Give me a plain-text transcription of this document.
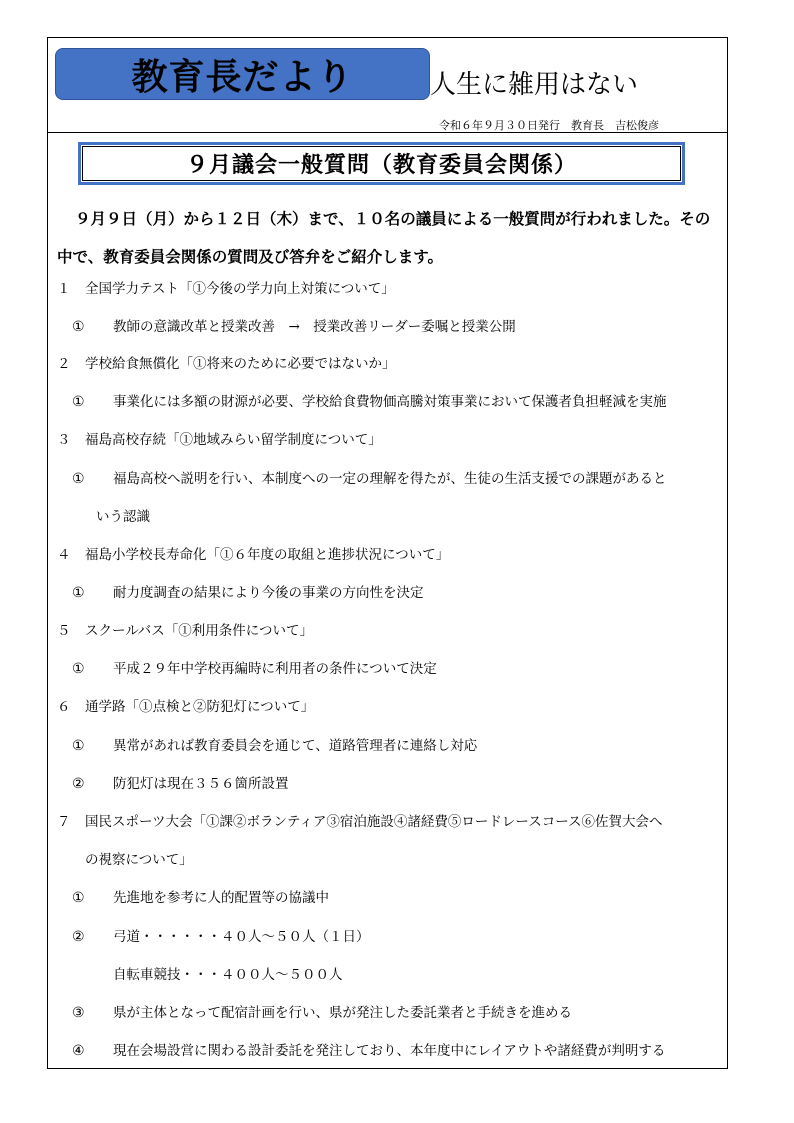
教育長だより	人生に雑用はない
令和６年９月３０日発行　教育長　吉松俊彦
９月議会一般質問（教育委員会関係）
９月９日（月）から１２日（木）まで、１０名の議員による一般質問が行われました。その中で、教育委員会関係の質問及び答弁をご紹介します。
１ 全国学力テスト「①今後の学力向上対策について」
① 教師の意識改革と授業改善　→　授業改善リーダー委嘱と授業公開
２ 学校給食無償化「①将来のために必要ではないか」
① 事業化には多額の財源が必要、学校給食費物価高騰対策事業において保護者負担軽減を実施
３ 福島高校存続「①地域みらい留学制度について」
① 福島高校へ説明を行い、本制度への一定の理解を得たが、生徒の生活支援での課題があると
いう認識
４ 福島小学校長寿命化「①６年度の取組と進捗状況について」
① 耐力度調査の結果により今後の事業の方向性を決定
５ スクールバス「①利用条件について」
① 平成２９年中学校再編時に利用者の条件について決定
６ 通学路「①点検と②防犯灯について」
① 異常があれば教育委員会を通じて、道路管理者に連絡し対応
② 防犯灯は現在３５６箇所設置
７ 国民スポーツ大会「①課②ボランティア③宿泊施設④諸経費⑤ロードレースコース⑥佐賀大会へ
の視察について」
① 先進地を参考に人的配置等の協議中
② 弓道・・・・・・４０人～５０人（１日）
自転車競技・・・４００人～５００人
③ 県が主体となって配宿計画を行い、県が発注した委託業者と手続きを進める
④ 現在会場設営に関わる設計委託を発注しており、本年度中にレイアウトや諸経費が判明する
